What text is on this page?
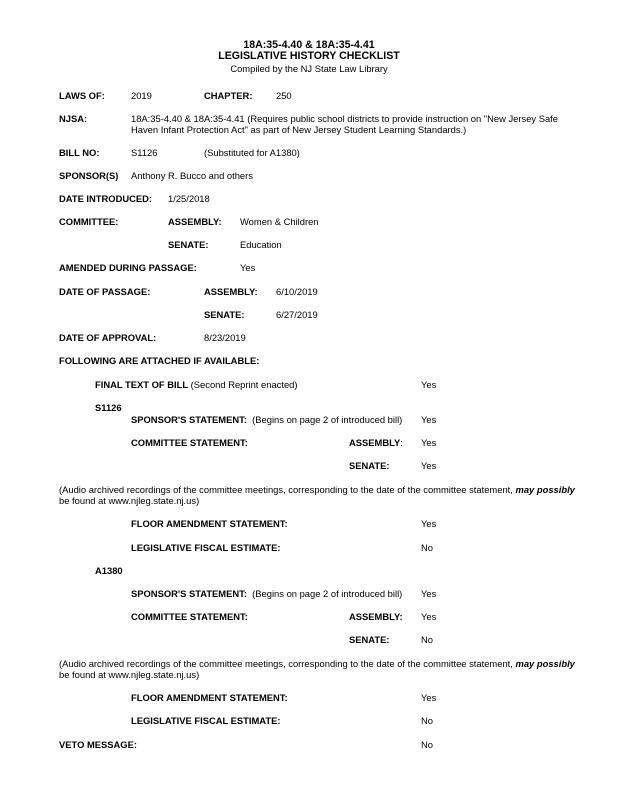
18A:35-4.40 & 18A:35-4.41
LEGISLATIVE HISTORY CHECKLIST
Compiled by the NJ State Law Library
LAWS OF:	2019	CHAPTER:	250
NJSA:	18A:35-4.40 & 18A:35-4.41 (Requires public school districts to provide instruction on "New Jersey Safe
Haven Infant Protection Act" as part of New Jersey Student Learning Standards.)
BILL NO:	S1126	(Substituted for A1380)
SPONSOR(S) Anthony R. Bucco and others
DATE INTRODUCED: 1/25/2018
COMMITTEE:	ASSEMBLY: Women & Children
SENATE:	Education
AMENDED DURING PASSAGE:	Yes
DATE OF PASSAGE:	ASSEMBLY: 6/10/2019
SENATE:	6/27/2019
DATE OF APPROVAL:	8/23/2019
FOLLOWING ARE ATTACHED IF AVAILABLE:
FINAL TEXT OF BILL (Second Reprint enacted)	Yes
S1126
SPONSOR'S STATEMENT: (Begins on page 2 of introduced bill) Yes
COMMITTEE STATEMENT:	ASSEMBLY: Yes
SENATE:	Yes
(Audio archived recordings of the committee meetings, corresponding to the date of the committee statement, may possibly
be found at www.njleg.state.nj.us)
FLOOR AMENDMENT STATEMENT:	Yes
LEGISLATIVE FISCAL ESTIMATE:	No
A1380
SPONSOR'S STATEMENT: (Begins on page 2 of introduced bill) Yes
COMMITTEE STATEMENT:	ASSEMBLY: Yes
SENATE:	No
(Audio archived recordings of the committee meetings, corresponding to the date of the committee statement, may possibly
be found at www.njleg.state.nj.us)
FLOOR AMENDMENT STATEMENT:	Yes
LEGISLATIVE FISCAL ESTIMATE:	No
VETO MESSAGE:	No
